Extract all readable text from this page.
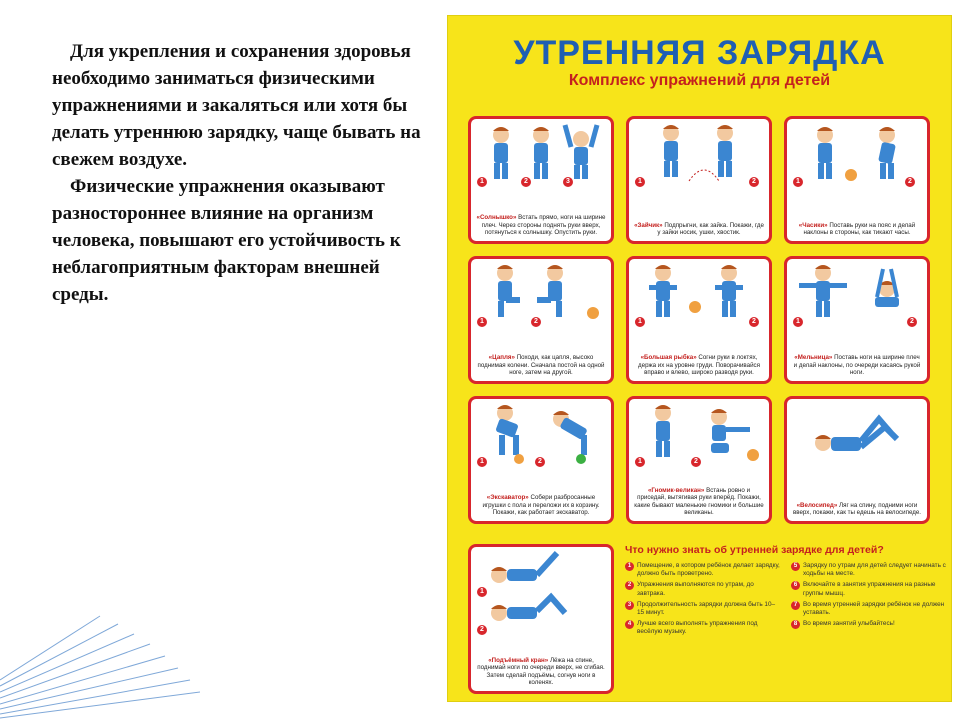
Для укрепления и сохранения здоровья необходимо заниматься физическими упражнениями и закаляться или хотя бы делать утреннюю зарядку, чаще бывать на свежем воздухе.

Физические упражнения оказывают разностороннее влияние на организм человека, повышают его устойчивость к неблагоприятным факторам внешней среды.

УТРЕННЯЯ ЗАРЯДКА
Комплекс упражнений для детей
1	2	3
«Солнышко» Встать прямо, ноги на ширине плеч. Через стороны поднять руки вверх, потянуться к солнышку. Опустить руки.
1	2
«Зайчик» Подпрыгни, как зайка. Покажи, где у зайки носик, ушки, хвостик.
1	2
«Часики» Поставь руки на пояс и делай наклоны в стороны, как тикают часы.
1	2
«Цапля» Походи, как цапля, высоко поднимая колени. Сначала постой на одной ноге, затем на другой.
1	2
«Большая рыбка» Согни руки в локтях, держа их на уровне груди. Поворачивайся вправо и влево, широко разводя руки.
1	2
«Мельница» Поставь ноги на ширине плеч и делай наклоны, по очереди касаясь рукой ноги.
1	2
«Экскаватор» Собери разбросанные игрушки с пола и переложи их в корзину. Покажи, как работает экскаватор.
1	2
«Гномик-великан» Встань ровно и приседай, вытягивая руки вперёд. Покажи, какие бывают маленькие гномики и большие великаны.
«Велосипед» Ляг на спину, подними ноги вверх, покажи, как ты едешь на велосипеде.
1
2
«Подъёмный кран» Лёжа на спине, поднимай ноги по очереди вверх, не сгибая. Затем сделай подъёмы, согнув ноги в коленях.
Что нужно знать об утренней зарядке для детей?
1 Помещение, в котором ребёнок делает зарядку, должно быть проветрено.
2 Упражнения выполняются по утрам, до завтрака.
3 Продолжительность зарядки должна быть 10–15 минут.
4 Лучше всего выполнять упражнения под весёлую музыку.
5 Зарядку по утрам для детей следует начинать с ходьбы на месте.
6 Включайте в занятия упражнения на разные группы мышц.
7 Во время утренней зарядки ребёнок не должен уставать.
8 Во время занятий улыбайтесь!
